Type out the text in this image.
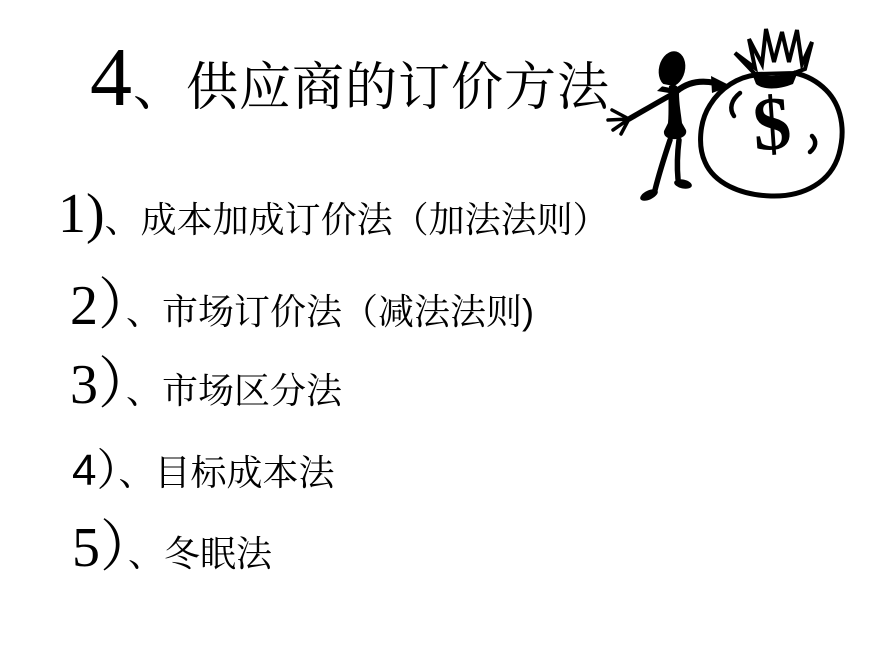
4、供应商的订价方法
1)、成本加成订价法（加法法则）
2）、市场订价法（减法法则)
3）、市场区分法
4）、目标成本法
5）、冬眠法
$
